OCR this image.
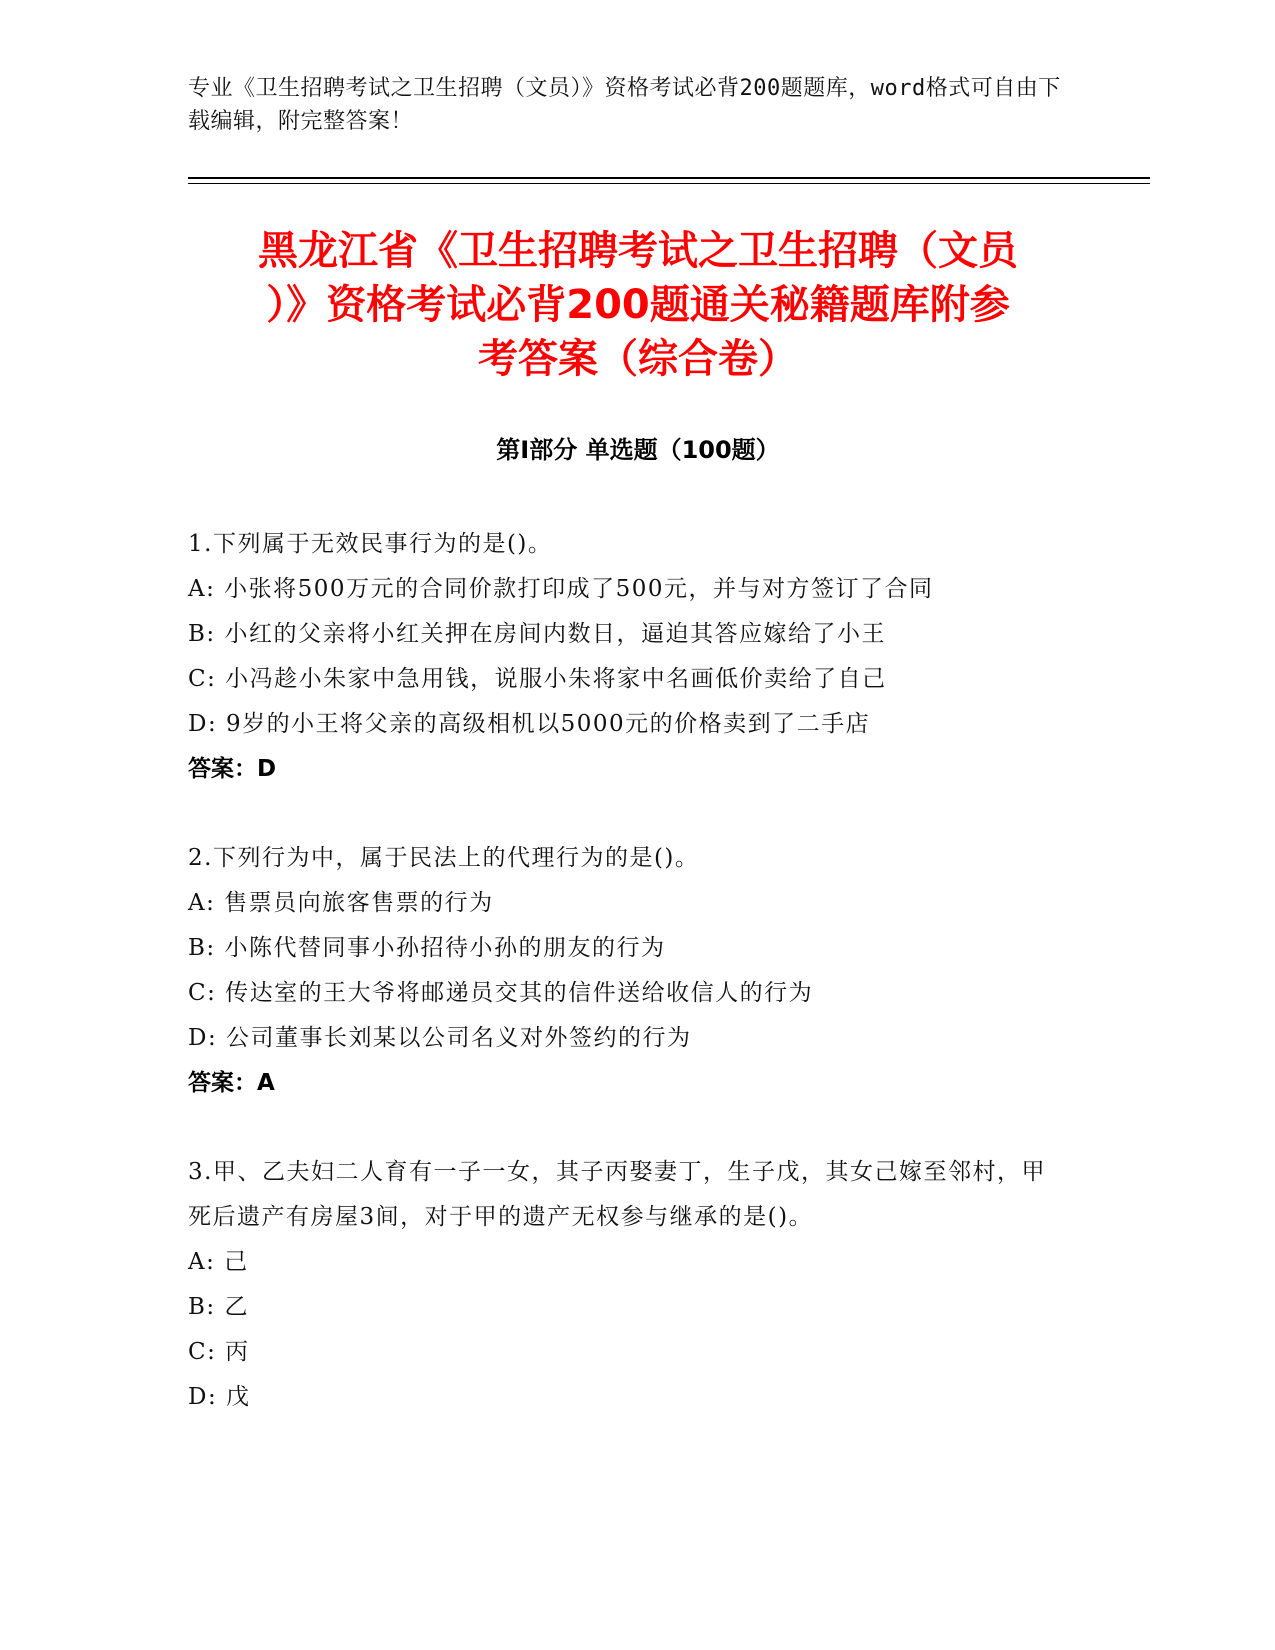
专业《卫生招聘考试之卫生招聘（文员）》资格考试必背200题题库，word格式可自由下载编辑，附完整答案！
黑龙江省《卫生招聘考试之卫生招聘（文员
）》资格考试必背200题通关秘籍题库附参
考答案（综合卷）
第Ⅰ部分 单选题（100题）
1.下列属于无效民事行为的是()。
A: 小张将500万元的合同价款打印成了500元，并与对方签订了合同
B: 小红的父亲将小红关押在房间内数日，逼迫其答应嫁给了小王
C: 小冯趁小朱家中急用钱，说服小朱将家中名画低价卖给了自己
D: 9岁的小王将父亲的高级相机以5000元的价格卖到了二手店
答案：D
2.下列行为中，属于民法上的代理行为的是()。
A: 售票员向旅客售票的行为
B: 小陈代替同事小孙招待小孙的朋友的行为
C: 传达室的王大爷将邮递员交其的信件送给收信人的行为
D: 公司董事长刘某以公司名义对外签约的行为
答案：A
3.甲、乙夫妇二人育有一子一女，其子丙娶妻丁，生子戊，其女己嫁至邻村，甲死后遗产有房屋3间，对于甲的遗产无权参与继承的是()。
A: 己
B: 乙
C: 丙
D: 戊
